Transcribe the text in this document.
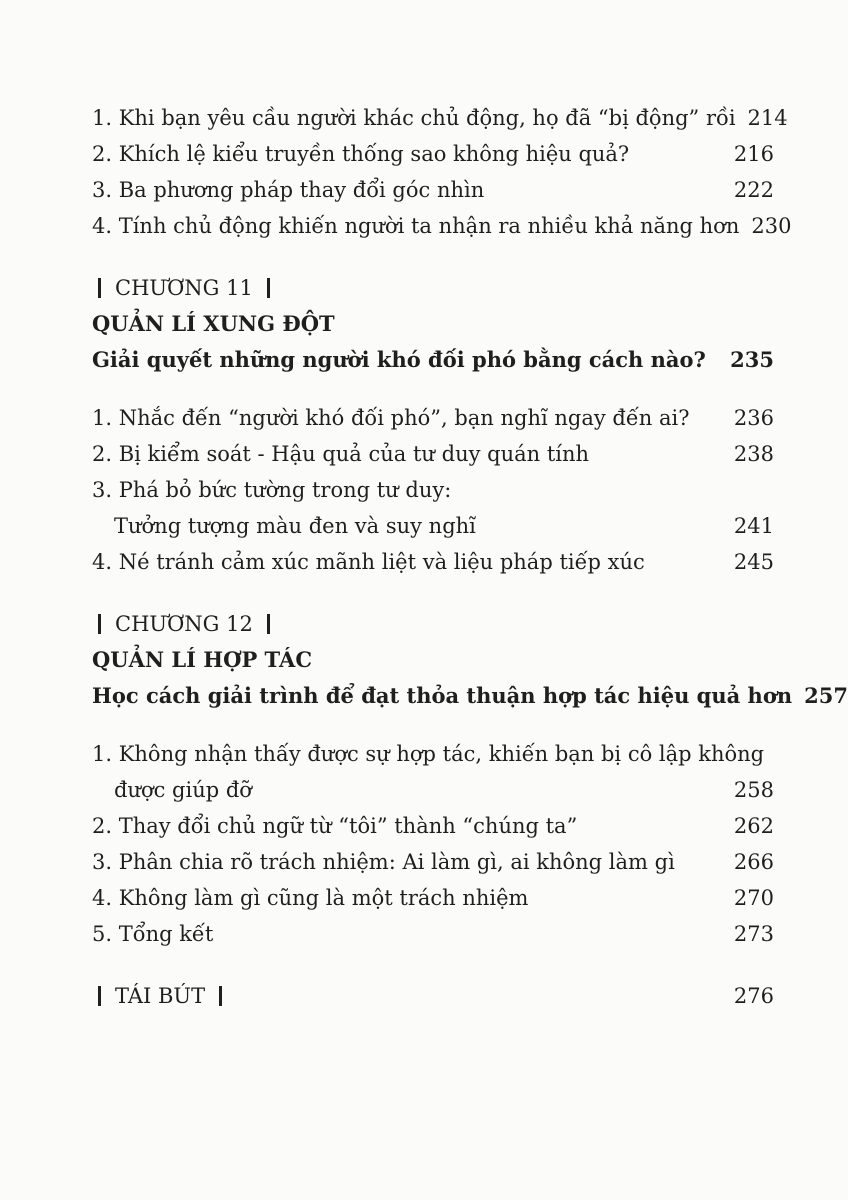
1. Khi bạn yêu cầu người khác chủ động, họ đã “bị động” rồi 214
2. Khích lệ kiểu truyền thống sao không hiệu quả?	216
3. Ba phương pháp thay đổi góc nhìn	222
4. Tính chủ động khiến người ta nhận ra nhiều khả năng hơn 230
CHƯƠNG 11
QUẢN LÍ XUNG ĐỘT
Giải quyết những người khó đối phó bằng cách nào? 235
1. Nhắc đến “người khó đối phó”, bạn nghĩ ngay đến ai? 236
2. Bị kiểm soát - Hậu quả của tư duy quán tính	238
3. Phá bỏ bức tường trong tư duy:
Tưởng tượng màu đen và suy nghĩ	241
4. Né tránh cảm xúc mãnh liệt và liệu pháp tiếp xúc	245
CHƯƠNG 12
QUẢN LÍ HỢP TÁC
Học cách giải trình để đạt thỏa thuận hợp tác hiệu quả hơn 257
1. Không nhận thấy được sự hợp tác, khiến bạn bị cô lập không
được giúp đỡ	258
2. Thay đổi chủ ngữ từ “tôi” thành “chúng ta”	262
3. Phân chia rõ trách nhiệm: Ai làm gì, ai không làm gì	266
4. Không làm gì cũng là một trách nhiệm	270
5. Tổng kết	273
TÁI BÚT	276
